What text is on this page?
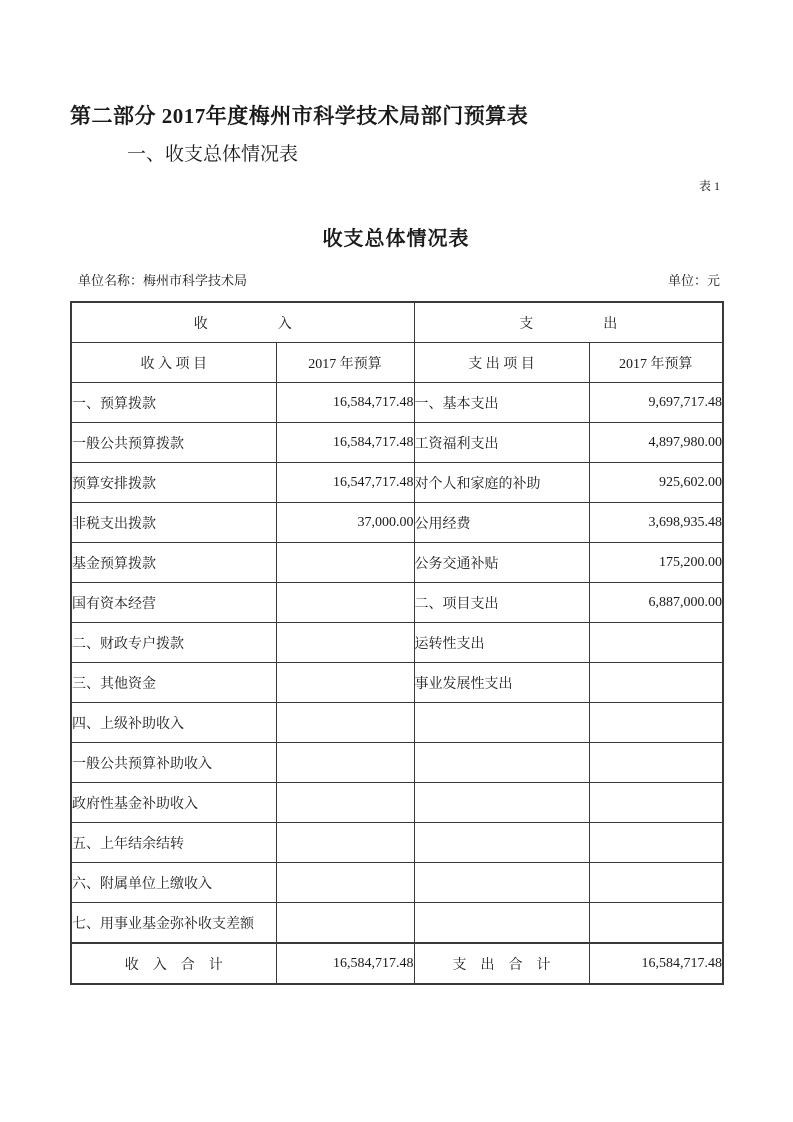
第二部分 2017年度梅州市科学技术局部门预算表
一、收支总体情况表
表 1
收支总体情况表
单位名称：梅州市科学技术局	单位：元
收　　　　　入		支　　　　　出	
收 入 项 目	2017 年预算	支 出 项 目	2017 年预算
一、预算拨款	16,584,717.48	一、基本支出	9,697,717.48
一般公共预算拨款	16,584,717.48	工资福利支出	4,897,980.00
预算安排拨款	16,547,717.48	对个人和家庭的补助	925,602.00
非税支出拨款	37,000.00	公用经费	3,698,935.48
基金预算拨款		公务交通补贴	175,200.00
国有资本经营		二、项目支出	6,887,000.00
二、财政专户拨款		运转性支出	
三、其他资金		事业发展性支出	
四、上级补助收入			
一般公共预算补助收入			
政府性基金补助收入			
五、上年结余结转			
六、附属单位上缴收入			
七、用事业基金弥补收支差额			
收　入　合　计	16,584,717.48	支　出　合　计	16,584,717.48
